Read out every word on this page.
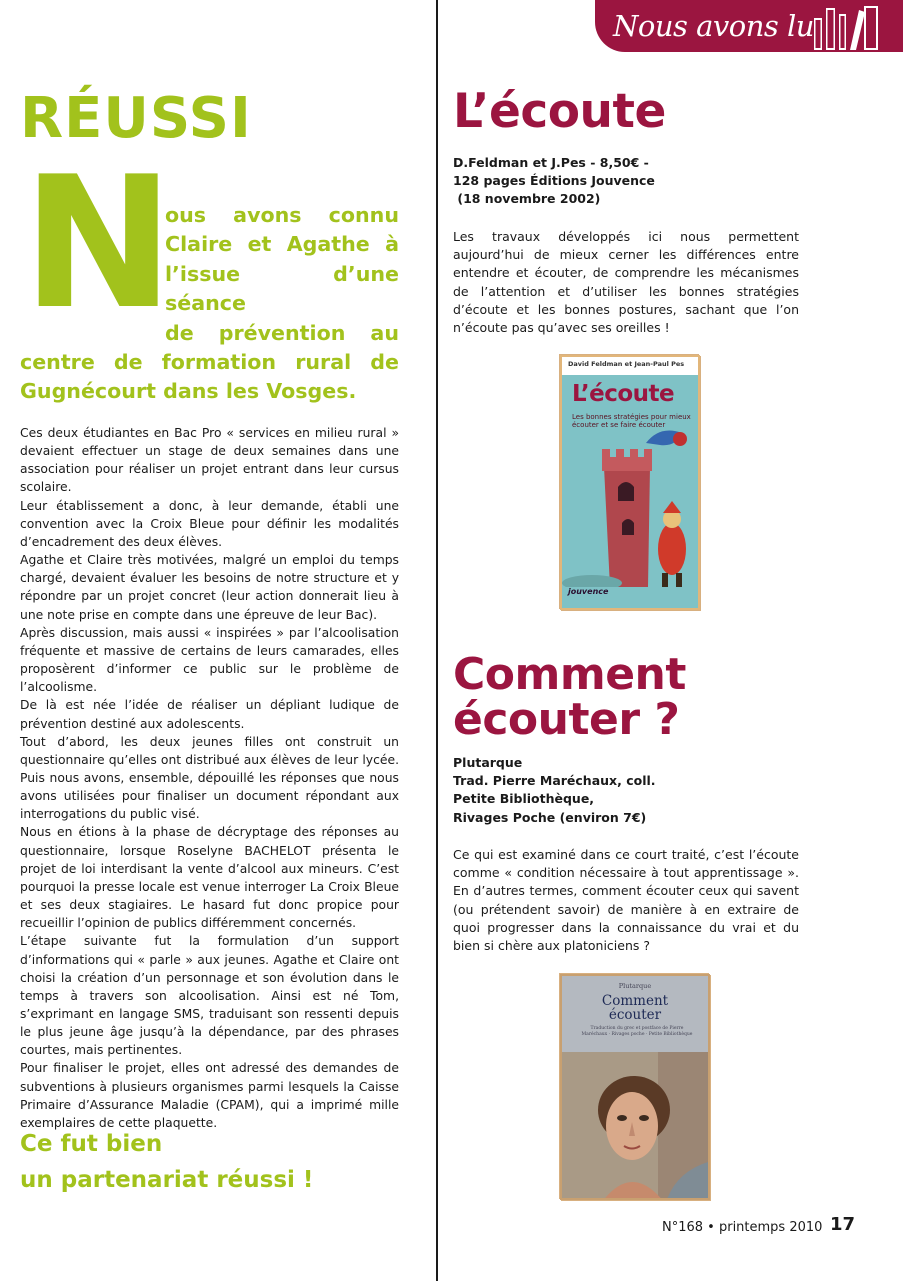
Nous avons lu
RÉUSSI
N
ous avons connu
Claire et Agathe à
l’issue d’une séance
de prévention au
centre de formation rural de
Gugnécourt dans les Vosges.

Ces deux étudiantes en Bac Pro « services en milieu rural » devaient effectuer un stage de deux semaines dans une association pour réaliser un projet entrant dans leur cursus scolaire.

Leur établissement a donc, à leur demande, établi une convention avec la Croix Bleue pour définir les modalités d’encadrement des deux élèves.

Agathe et Claire très motivées, malgré un emploi du temps chargé, devaient évaluer les besoins de notre structure et y répondre par un projet concret (leur action donnerait lieu à une note prise en compte dans une épreuve de leur Bac).

Après discussion, mais aussi « inspirées » par l’alcoolisation fréquente et massive de certains de leurs camarades, elles proposèrent d’informer ce public sur le problème de l’alcoolisme.

De là est née l’idée de réaliser un dépliant ludique de prévention destiné aux adolescents.

Tout d’abord, les deux jeunes filles ont construit un questionnaire qu’elles ont distribué aux élèves de leur lycée. Puis nous avons, ensemble, dépouillé les réponses que nous avons utilisées pour finaliser un document répondant aux interrogations du public visé.

Nous en étions à la phase de décryptage des réponses au questionnaire, lorsque Roselyne BACHELOT présenta le projet de loi interdisant la vente d’alcool aux mineurs. C’est pourquoi la presse locale est venue interroger La Croix Bleue et ses deux stagiaires. Le hasard fut donc propice pour recueillir l’opinion de publics différemment concernés.

L’étape suivante fut la formulation d’un support d’informations qui « parle » aux jeunes. Agathe et Claire ont choisi la création d’un personnage et son évolution dans le temps à travers son alcoolisation. Ainsi est né Tom, s’exprimant en langage SMS, traduisant son ressenti depuis le plus jeune âge jusqu’à la dépendance, par des phrases courtes, mais pertinentes.

Pour finaliser le projet, elles ont adressé des demandes de subventions à plusieurs organismes parmi lesquels la Caisse Primaire d’Assurance Maladie (CPAM), qui a imprimé mille exemplaires de cette plaquette.

Ce fut bien
un partenariat réussi !
L’écoute
D.Feldman et J.Pes - 8,50€ -
128 pages Éditions Jouvence
(18 novembre 2002)

Les travaux développés ici nous permettent aujourd’hui de mieux cerner les différences entre entendre et écouter, de comprendre les mécanismes de l’attention et d’utiliser les bonnes stratégies d’écoute et les bonnes postures, sachant que l’on n’écoute pas qu’avec ses oreilles !

David Feldman et Jean-Paul Pes
L’écoute
Les bonnes stratégies pour mieux écouter et se faire écouter
jouvence
Comment
écouter ?
Plutarque
Trad. Pierre Maréchaux, coll.
Petite Bibliothèque,
Rivages Poche (environ 7€)

Ce qui est examiné dans ce court traité, c’est l’écoute comme « condition nécessaire à tout apprentissage ». En d’autres termes, comment écouter ceux qui savent (ou prétendent savoir) de manière à en extraire de quoi progresser dans la connaissance du vrai et du bien si chère aux platoniciens ?

Plutarque
Comment
écouter
Traduction du grec et postface de Pierre Maréchaux · Rivages poche · Petite Bibliothèque
N°168 • printemps 2010 17
